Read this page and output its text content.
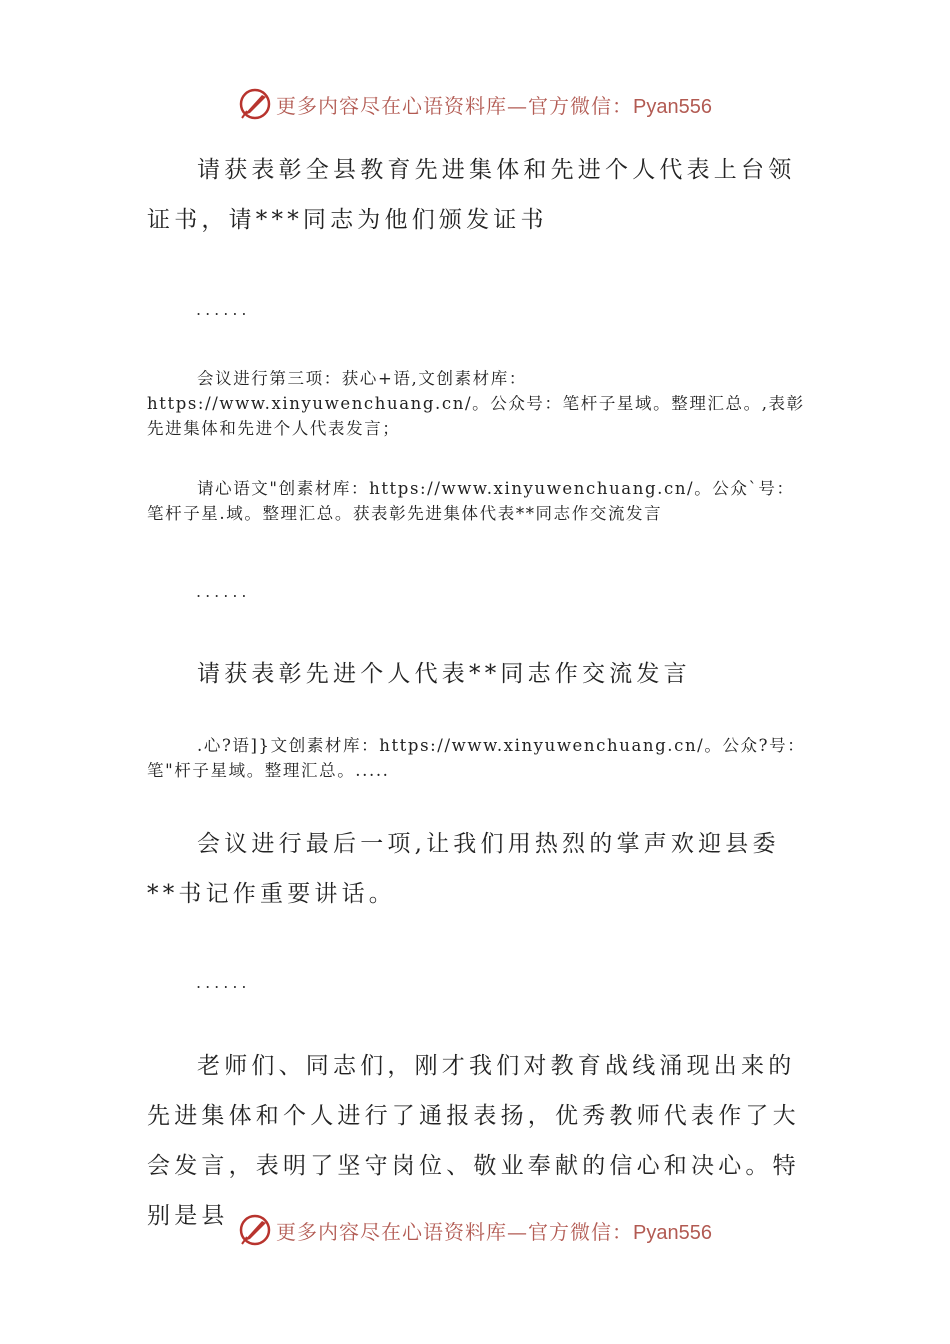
更多内容尽在心语资料库—官方微信：Pyan556

请获表彰全县教育先进集体和先进个人代表上台领证书，请***同志为他们颁发证书

......

会议进行第三项：获心+语,文创素材库：https://www.xinyuwenchuang.cn/。公众号：笔杆子星域。整理汇总。,表彰先进集体和先进个人代表发言；

请心语文"创素材库：https://www.xinyuwenchuang.cn/。公众`号：笔杆子星.域。整理汇总。获表彰先进集体代表**同志作交流发言

......

请获表彰先进个人代表**同志作交流发言

.心?语]}文创素材库：https://www.xinyuwenchuang.cn/。公众?号：笔"杆子星域。整理汇总。.....

会议进行最后一项,让我们用热烈的掌声欢迎县委**书记作重要讲话。

......

老师们、同志们，刚才我们对教育战线涌现出来的先进集体和个人进行了通报表扬，优秀教师代表作了大会发言，表明了坚守岗位、敬业奉献的信心和决心。特别是县

更多内容尽在心语资料库—官方微信：Pyan556
